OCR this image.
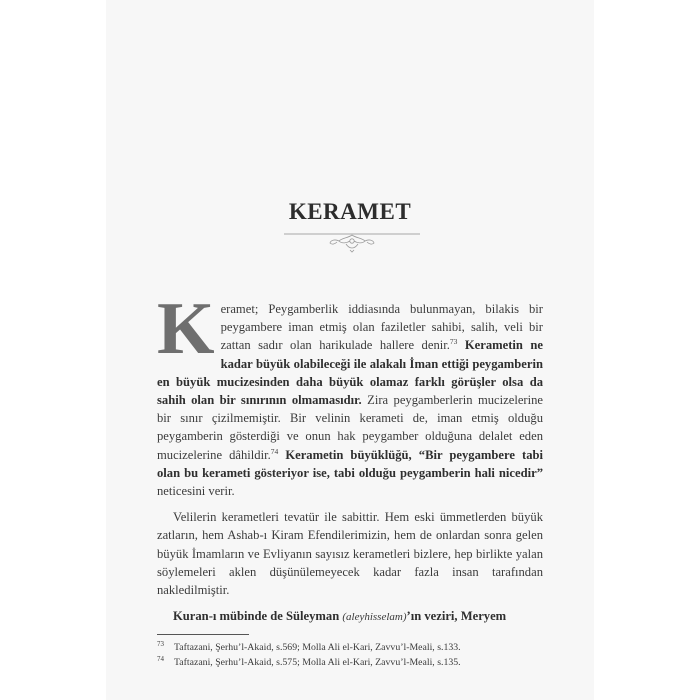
KERAMET

Keramet; Peygamberlik iddiasında bulunmayan, bilakis bir peygambere iman etmiş olan faziletler sahibi, salih, veli bir zattan sadır olan harikulade hallere denir.$^{73}$ Kerametin ne kadar büyük olabileceği ile alakalı İman ettiği peygamberin en büyük mucizesinden daha büyük olamaz farklı görüşler olsa da sahih olan bir sınırının olmamasıdır. Zira peygamberlerin mucizelerine bir sınır çizilmemiştir. Bir velinin kerameti de, iman etmiş olduğu peygamberin gösterdiği ve onun hak peygamber olduğuna delalet eden mucizelerine dâhildir.$^{74}$ Kerametin büyüklüğü, “Bir peygambere tabi olan bu kerameti gösteriyor ise, tabi olduğu peygamberin hali nicedir” neticesini verir.

Velilerin kerametleri tevatür ile sabittir. Hem eski ümmetlerden büyük zatların, hem Ashab-ı Kiram Efendilerimizin, hem de onlardan sonra gelen büyük İmamların ve Evliyanın sayısız kerametleri bizlere, hep birlikte yalan söylemeleri aklen düşünülemeyecek kadar fazla insan tarafından nakledilmiştir.

Kuran-ı mübinde de Süleyman (aleyhisselam)’ın veziri, Meryem

$^{73}$ Taftazani, Şerhu’l-Akaid, s.569; Molla Ali el-Kari, Zavvu’l-Meali, s.133.
$^{74}$ Taftazani, Şerhu’l-Akaid, s.575; Molla Ali el-Kari, Zavvu’l-Meali, s.135.
